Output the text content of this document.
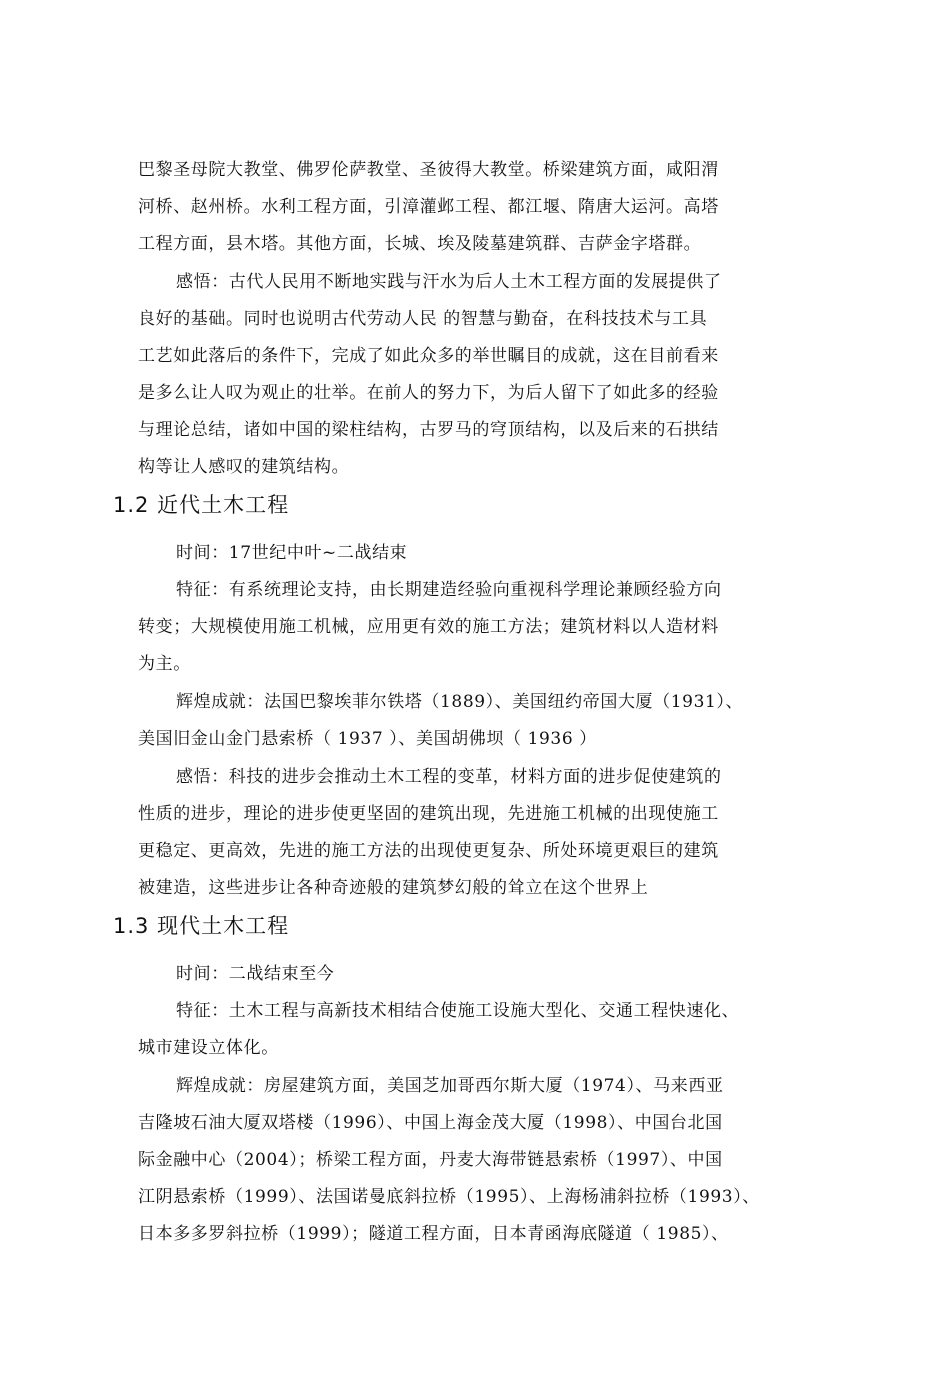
巴黎圣母院大教堂、佛罗伦萨教堂、圣彼得大教堂。桥梁建筑方面，咸阳渭
河桥、赵州桥。水利工程方面，引漳灌邺工程、都江堰、隋唐大运河。高塔
工程方面，县木塔。其他方面，长城、埃及陵墓建筑群、吉萨金字塔群。
感悟：古代人民用不断地实践与汗水为后人土木工程方面的发展提供了
良好的基础。同时也说明古代劳动人民 的智慧与勤奋，在科技技术与工具
工艺如此落后的条件下，完成了如此众多的举世瞩目的成就，这在目前看来
是多么让人叹为观止的壮举。在前人的努力下，为后人留下了如此多的经验
与理论总结，诸如中国的梁柱结构，古罗马的穹顶结构，以及后来的石拱结
构等让人感叹的建筑结构。
1.2 近代土木工程
时间：17世纪中叶~二战结束
特征：有系统理论支持，由长期建造经验向重视科学理论兼顾经验方向
转变；大规模使用施工机械，应用更有效的施工方法；建筑材料以人造材料
为主。
辉煌成就：法国巴黎埃菲尔铁塔（1889）、美国纽约帝国大厦（1931）、
美国旧金山金门悬索桥（ 1937 ）、美国胡佛坝（ 1936 ）
感悟：科技的进步会推动土木工程的变革，材料方面的进步促使建筑的
性质的进步，理论的进步使更坚固的建筑出现，先进施工机械的出现使施工
更稳定、更高效，先进的施工方法的出现使更复杂、所处环境更艰巨的建筑
被建造，这些进步让各种奇迹般的建筑梦幻般的耸立在这个世界上
1.3 现代土木工程
时间：二战结束至今
特征：土木工程与高新技术相结合使施工设施大型化、交通工程快速化、
城市建设立体化。
辉煌成就：房屋建筑方面，美国芝加哥西尔斯大厦（1974）、马来西亚
吉隆坡石油大厦双塔楼（1996）、中国上海金茂大厦（1998）、中国台北国
际金融中心（2004）；桥梁工程方面，丹麦大海带链悬索桥（1997）、中国
江阴悬索桥（1999）、法国诺曼底斜拉桥（1995）、上海杨浦斜拉桥（1993）、
日本多多罗斜拉桥（1999）；隧道工程方面，日本青函海底隧道（ 1985）、
